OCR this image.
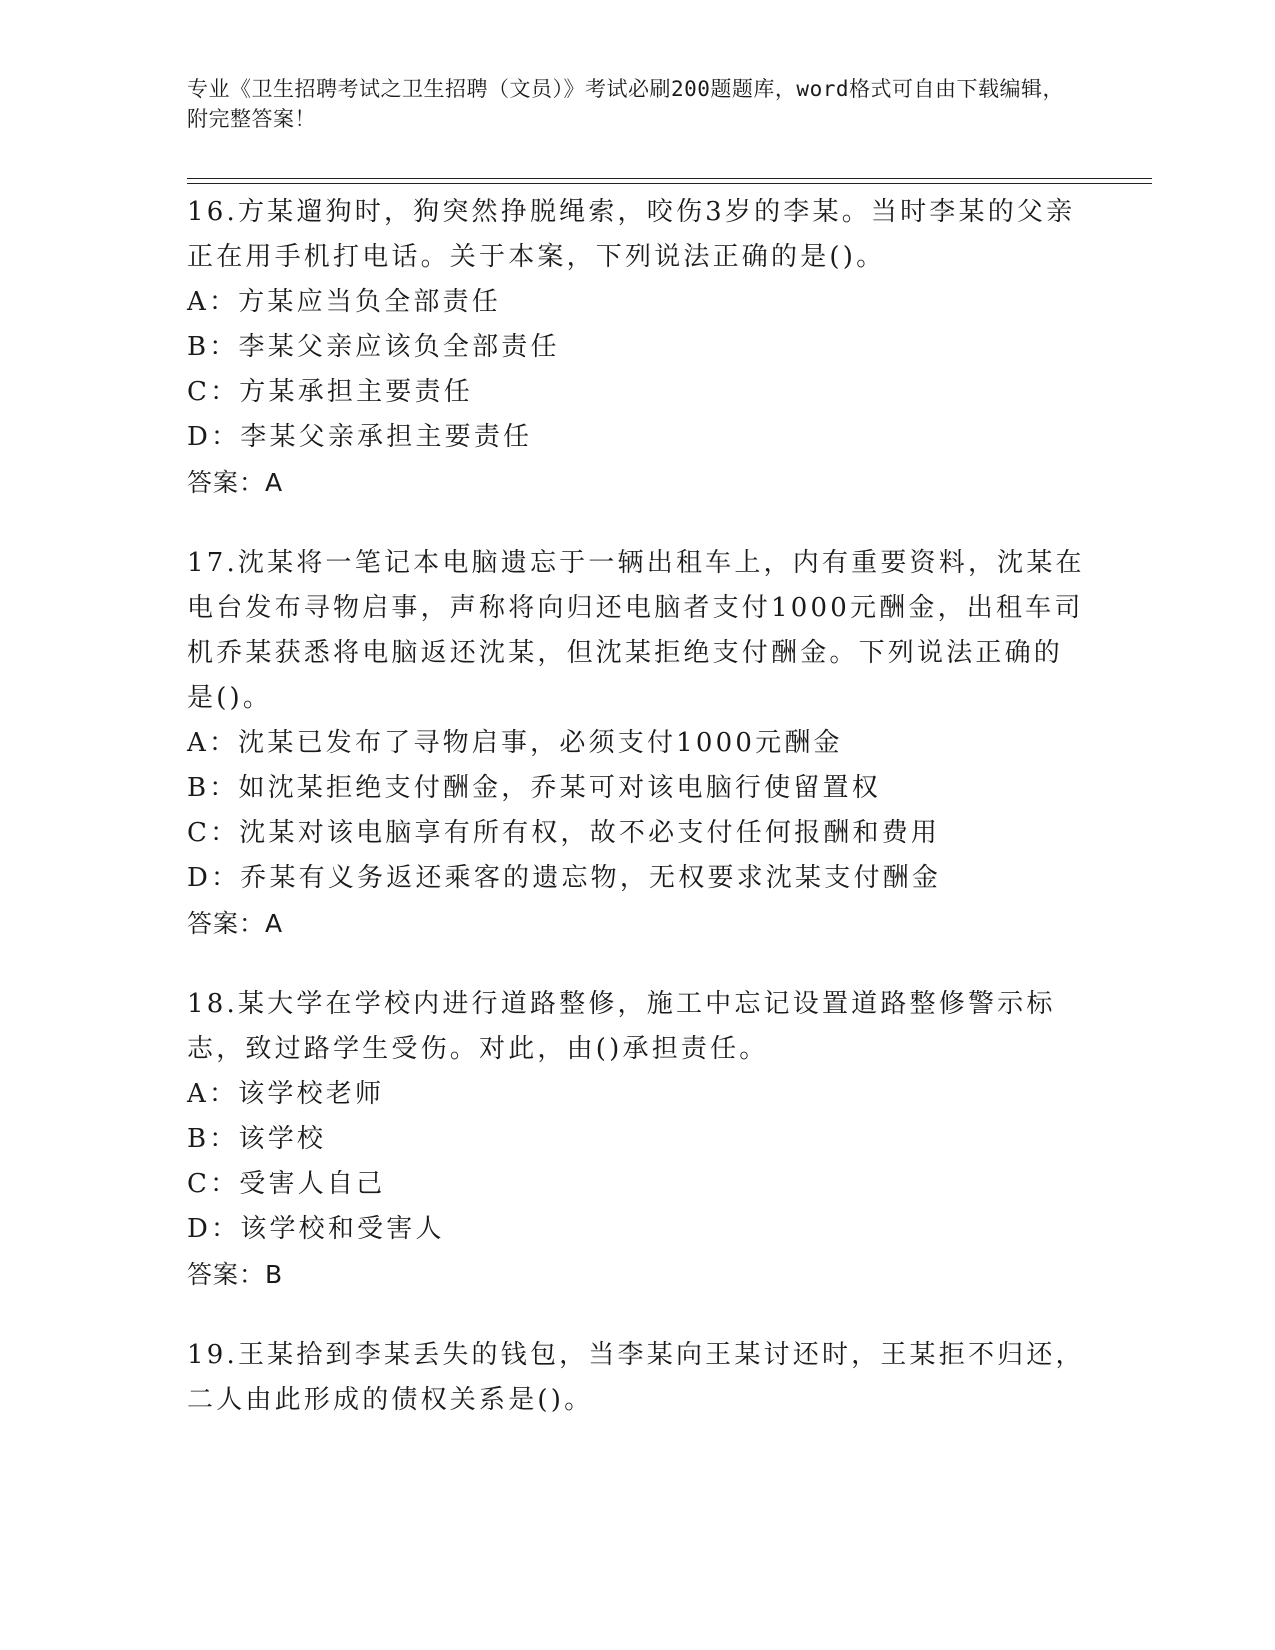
专业《卫生招聘考试之卫生招聘（文员）》考试必刷200题题库，word格式可自由下载编辑，附完整答案！

16.方某遛狗时，狗突然挣脱绳索，咬伤3岁的李某。当时李某的父亲正在用手机打电话。关于本案，下列说法正确的是()。

A：方某应当负全部责任

B：李某父亲应该负全部责任

C：方某承担主要责任

D：李某父亲承担主要责任

答案：A

17.沈某将一笔记本电脑遗忘于一辆出租车上，内有重要资料，沈某在电台发布寻物启事，声称将向归还电脑者支付1000元酬金，出租车司机乔某获悉将电脑返还沈某，但沈某拒绝支付酬金。下列说法正确的是()。

A：沈某已发布了寻物启事，必须支付1000元酬金

B：如沈某拒绝支付酬金，乔某可对该电脑行使留置权

C：沈某对该电脑享有所有权，故不必支付任何报酬和费用

D：乔某有义务返还乘客的遗忘物，无权要求沈某支付酬金

答案：A

18.某大学在学校内进行道路整修，施工中忘记设置道路整修警示标志，致过路学生受伤。对此，由()承担责任。

A：该学校老师

B：该学校

C：受害人自己

D：该学校和受害人

答案：B

19.王某拾到李某丢失的钱包，当李某向王某讨还时，王某拒不归还，二人由此形成的债权关系是()。
